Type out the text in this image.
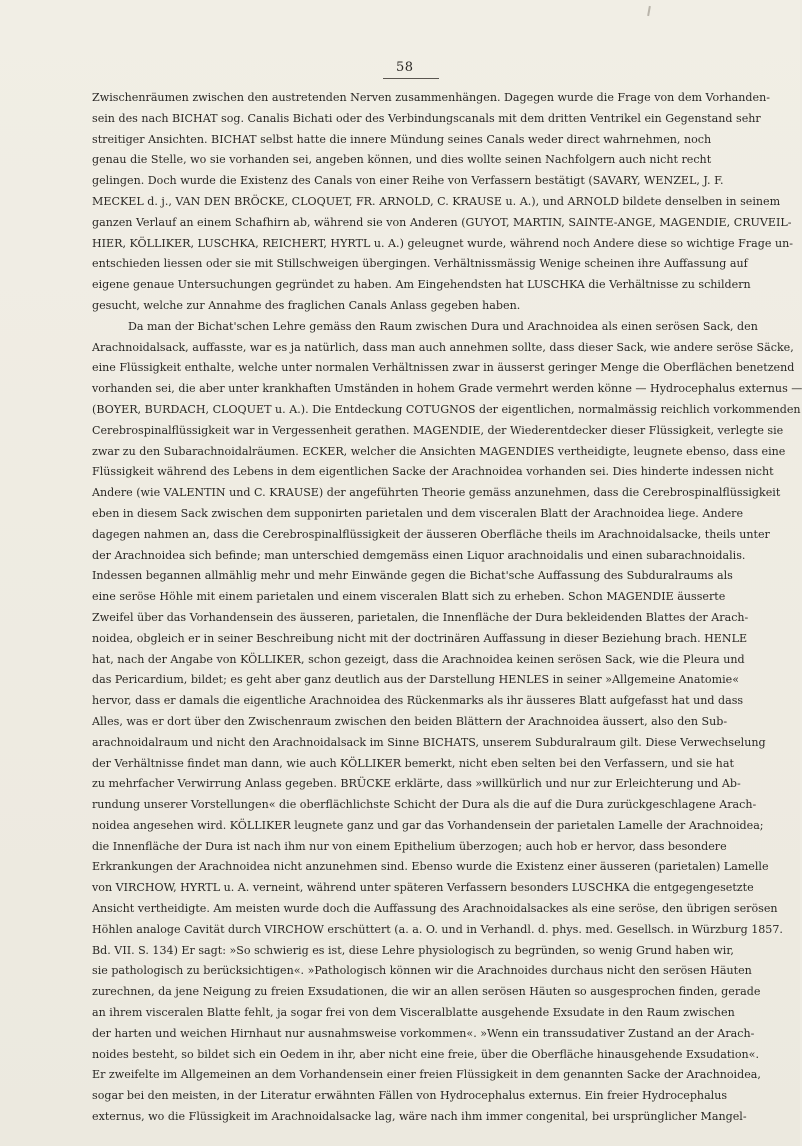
58
Zwischenräumen zwischen den austretenden Nerven zusammenhängen. Dagegen wurde die Frage von dem Vorhanden-
sein des nach BICHAT sog. Canalis Bichati oder des Verbindungscanals mit dem dritten Ventrikel ein Gegenstand sehr
streitiger Ansichten. BICHAT selbst hatte die innere Mündung seines Canals weder direct wahrnehmen, noch
genau die Stelle, wo sie vorhanden sei, angeben können, und dies wollte seinen Nachfolgern auch nicht recht
gelingen. Doch wurde die Existenz des Canals von einer Reihe von Verfassern bestätigt (SAVARY, WENZEL, J. F.
MECKEL d. j., VAN DEN BRÖCKE, CLOQUET, FR. ARNOLD, C. KRAUSE u. A.), und ARNOLD bildete denselben in seinem
ganzen Verlauf an einem Schafhirn ab, während sie von Anderen (GUYOT, MARTIN, SAINTE-ANGE, MAGENDIE, CRUVEIL-
HIER, KÖLLIKER, LUSCHKA, REICHERT, HYRTL u. A.) geleugnet wurde, während noch Andere diese so wichtige Frage un-
entschieden liessen oder sie mit Stillschweigen übergingen. Verhältnissmässig Wenige scheinen ihre Auffassung auf
eigene genaue Untersuchungen gegründet zu haben. Am Eingehendsten hat LUSCHKA die Verhältnisse zu schildern
gesucht, welche zur Annahme des fraglichen Canals Anlass gegeben haben.
Da man der Bichat'schen Lehre gemäss den Raum zwischen Dura und Arachnoidea als einen serösen Sack, den
Arachnoidalsack, auffasste, war es ja natürlich, dass man auch annehmen sollte, dass dieser Sack, wie andere seröse Säcke,
eine Flüssigkeit enthalte, welche unter normalen Verhältnissen zwar in äusserst geringer Menge die Oberflächen benetzend
vorhanden sei, die aber unter krankhaften Umständen in hohem Grade vermehrt werden könne — Hydrocephalus externus —
(BOYER, BURDACH, CLOQUET u. A.). Die Entdeckung COTUGNOS der eigentlichen, normalmässig reichlich vorkommenden
Cerebrospinalflüssigkeit war in Vergessenheit gerathen. MAGENDIE, der Wiederentdecker dieser Flüssigkeit, verlegte sie
zwar zu den Subarachnoidalräumen. ECKER, welcher die Ansichten MAGENDIES vertheidigte, leugnete ebenso, dass eine
Flüssigkeit während des Lebens in dem eigentlichen Sacke der Arachnoidea vorhanden sei. Dies hinderte indessen nicht
Andere (wie VALENTIN und C. KRAUSE) der angeführten Theorie gemäss anzunehmen, dass die Cerebrospinalflüssigkeit
eben in diesem Sack zwischen dem supponirten parietalen und dem visceralen Blatt der Arachnoidea liege. Andere
dagegen nahmen an, dass die Cerebrospinalflüssigkeit der äusseren Oberfläche theils im Arachnoidalsacke, theils unter
der Arachnoidea sich befinde; man unterschied demgemäss einen Liquor arachnoidalis und einen subarachnoidalis.
Indessen begannen allmählig mehr und mehr Einwände gegen die Bichat'sche Auffassung des Subduralraums als
eine seröse Höhle mit einem parietalen und einem visceralen Blatt sich zu erheben. Schon MAGENDIE äusserte
Zweifel über das Vorhandensein des äusseren, parietalen, die Innenfläche der Dura bekleidenden Blattes der Arach-
noidea, obgleich er in seiner Beschreibung nicht mit der doctrinären Auffassung in dieser Beziehung brach. HENLE
hat, nach der Angabe von KÖLLIKER, schon gezeigt, dass die Arachnoidea keinen serösen Sack, wie die Pleura und
das Pericardium, bildet; es geht aber ganz deutlich aus der Darstellung HENLES in seiner »Allgemeine Anatomie«
hervor, dass er damals die eigentliche Arachnoidea des Rückenmarks als ihr äusseres Blatt aufgefasst hat und dass
Alles, was er dort über den Zwischenraum zwischen den beiden Blättern der Arachnoidea äussert, also den Sub-
arachnoidalraum und nicht den Arachnoidalsack im Sinne BICHATS, unserem Subduralraum gilt. Diese Verwechselung
der Verhältnisse findet man dann, wie auch KÖLLIKER bemerkt, nicht eben selten bei den Verfassern, und sie hat
zu mehrfacher Verwirrung Anlass gegeben. BRÜCKE erklärte, dass »willkürlich und nur zur Erleichterung und Ab-
rundung unserer Vorstellungen« die oberflächlichste Schicht der Dura als die auf die Dura zurückgeschlagene Arach-
noidea angesehen wird. KÖLLIKER leugnete ganz und gar das Vorhandensein der parietalen Lamelle der Arachnoidea;
die Innenfläche der Dura ist nach ihm nur von einem Epithelium überzogen; auch hob er hervor, dass besondere
Erkrankungen der Arachnoidea nicht anzunehmen sind. Ebenso wurde die Existenz einer äusseren (parietalen) Lamelle
von VIRCHOW, HYRTL u. A. verneint, während unter späteren Verfassern besonders LUSCHKA die entgegengesetzte
Ansicht vertheidigte. Am meisten wurde doch die Auffassung des Arachnoidalsackes als eine seröse, den übrigen serösen
Höhlen analoge Cavität durch VIRCHOW erschüttert (a. a. O. und in Verhandl. d. phys. med. Gesellsch. in Würzburg 1857.
Bd. VII. S. 134) Er sagt: »So schwierig es ist, diese Lehre physiologisch zu begründen, so wenig Grund haben wir,
sie pathologisch zu berücksichtigen«. »Pathologisch können wir die Arachnoides durchaus nicht den serösen Häuten
zurechnen, da jene Neigung zu freien Exsudationen, die wir an allen serösen Häuten so ausgesprochen finden, gerade
an ihrem visceralen Blatte fehlt, ja sogar frei von dem Visceralblatte ausgehende Exsudate in den Raum zwischen
der harten und weichen Hirnhaut nur ausnahmsweise vorkommen«. »Wenn ein transsudativer Zustand an der Arach-
noides besteht, so bildet sich ein Oedem in ihr, aber nicht eine freie, über die Oberfläche hinausgehende Exsudation«.
Er zweifelte im Allgemeinen an dem Vorhandensein einer freien Flüssigkeit in dem genannten Sacke der Arachnoidea,
sogar bei den meisten, in der Literatur erwähnten Fällen von Hydrocephalus externus. Ein freier Hydrocephalus
externus, wo die Flüssigkeit im Arachnoidalsacke lag, wäre nach ihm immer congenital, bei ursprünglicher Mangel-
